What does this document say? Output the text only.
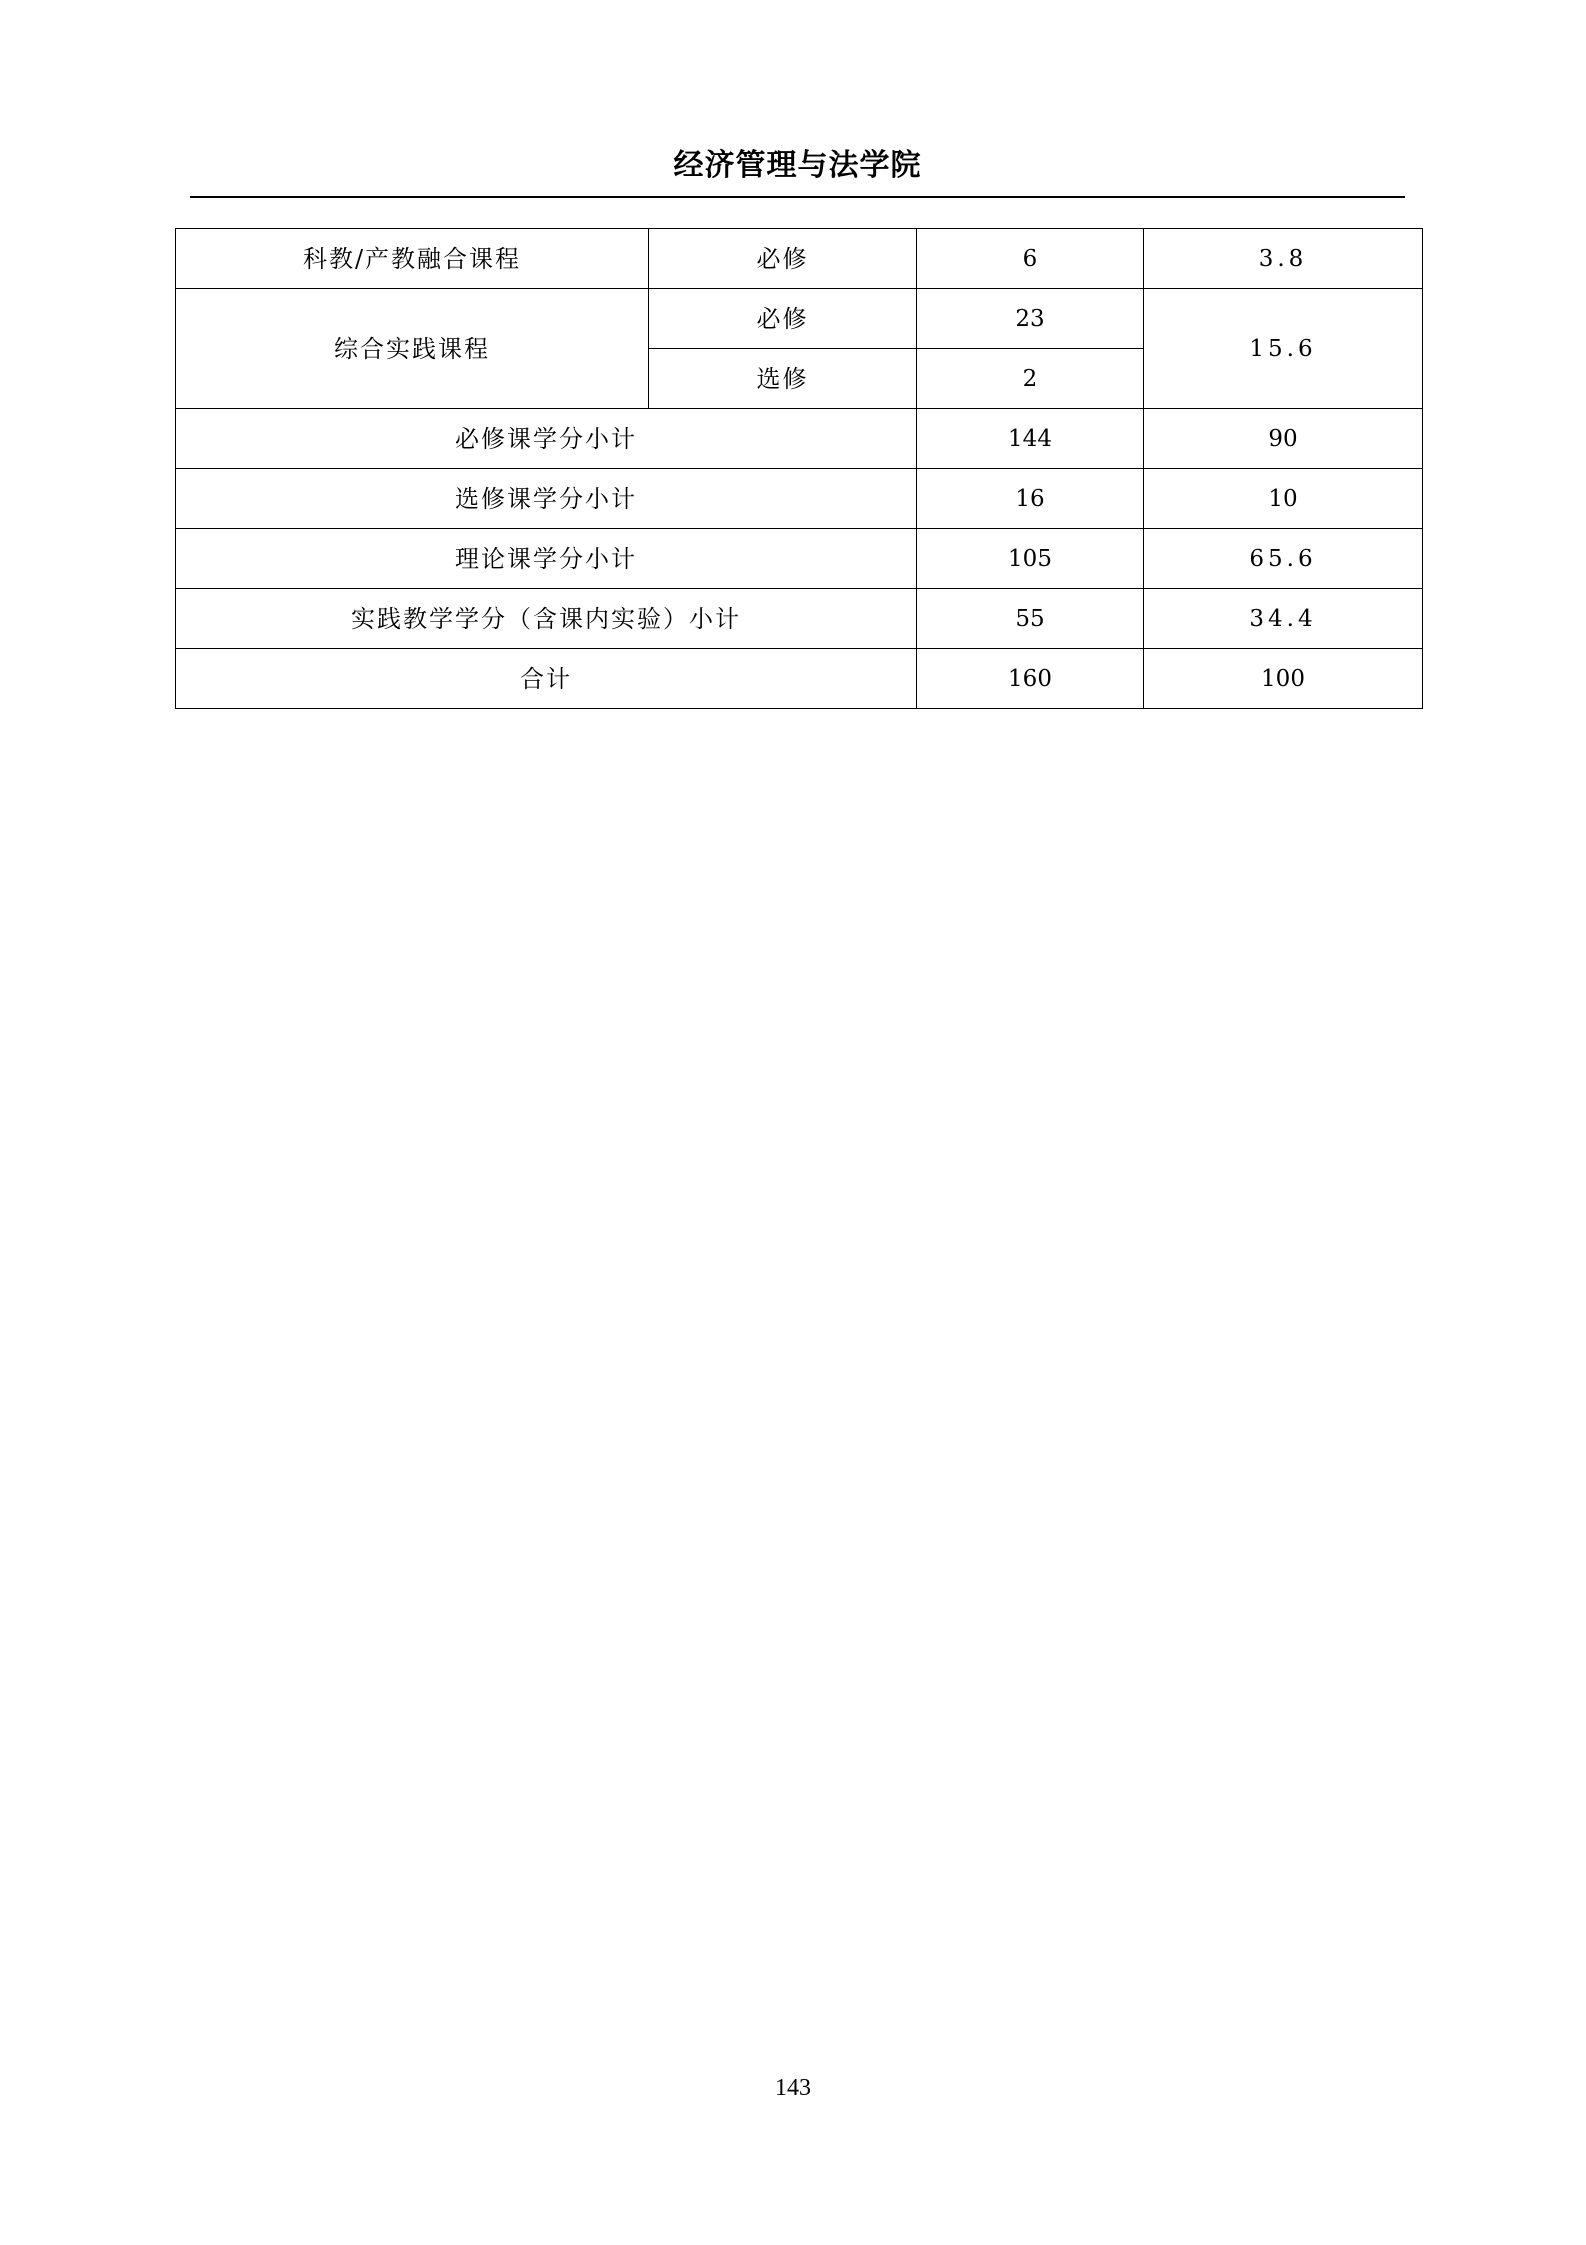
经济管理与法学院
科教/产教融合课程	必修	6	3.8
综合实践课程	必修	23	15.6
	选修	2	
必修课学分小计		144	90
选修课学分小计		16	10
理论课学分小计		105	65.6
实践教学学分（含课内实验）小计		55	34.4
合计		160	100
143
